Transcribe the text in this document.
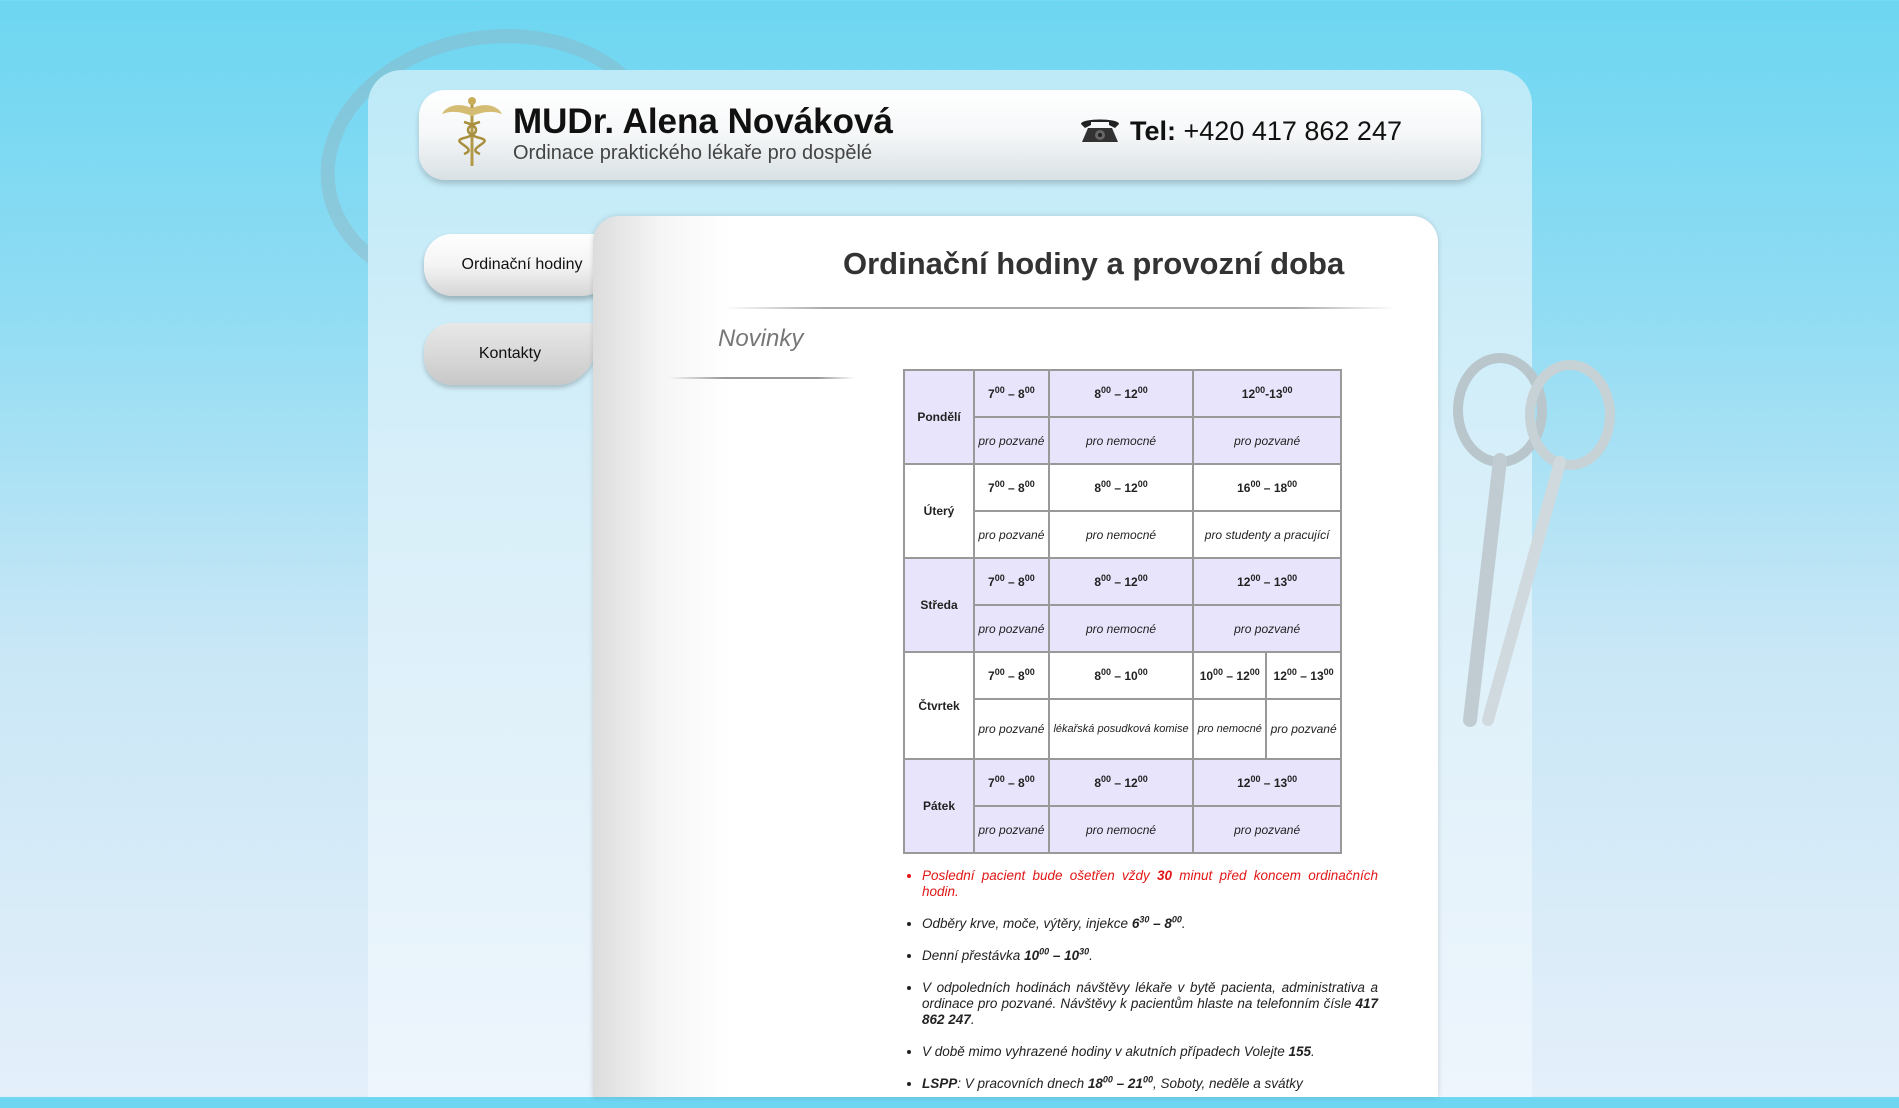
MUDr. Alena Nováková
Ordinace praktického lékaře pro dospělé
Tel: +420 417 862 247
Ordinační hodiny
Kontakty
Ordinační hodiny a provozní doba
Novinky
Pondělí	$7^{00} - 8^{00}$	$8^{00} - 12^{00}$	$12^{00}-13^{00}$
	pro pozvané	pro nemocné	pro pozvané	
Úterý	$7^{00} - 8^{00}$	$8^{00} - 12^{00}$	$16^{00} - 18^{00}$
	pro pozvané	pro nemocné	pro studenty a pracující	
Středa	$7^{00} - 8^{00}$	$8^{00} - 12^{00}$	$12^{00} - 13^{00}$
	pro pozvané	pro nemocné	pro pozvané	
Čtvrtek	$7^{00} - 8^{00}$	$8^{00} - 10^{00}$	$10^{00} - 12^{00}$	$12^{00} - 13^{00}$
	pro pozvané	lékařská posudková komise	pro nemocné	pro pozvané
Pátek	$7^{00} - 8^{00}$	$8^{00} - 12^{00}$	$12^{00} - 13^{00}$
	pro pozvané	pro nemocné	pro pozvané	
• Poslední pacient bude ošetřen vždy 30 minut před koncem ordinačních hodin.
• Odběry krve, moče, výtěry, injekce $6^{30} - 8^{00}$.
• Denní přestávka $10^{00} - 10^{30}$.
• V odpoledních hodinách návštěvy lékaře v bytě pacienta, administrativa a ordinace pro pozvané. Návštěvy k pacientům hlaste na telefonním čísle 417 862 247.
• V době mimo vyhrazené hodiny v akutních případech Volejte 155.
• LSPP: V pracovních dnech $18^{00} - 21^{00}$, Soboty, neděle a svátky
